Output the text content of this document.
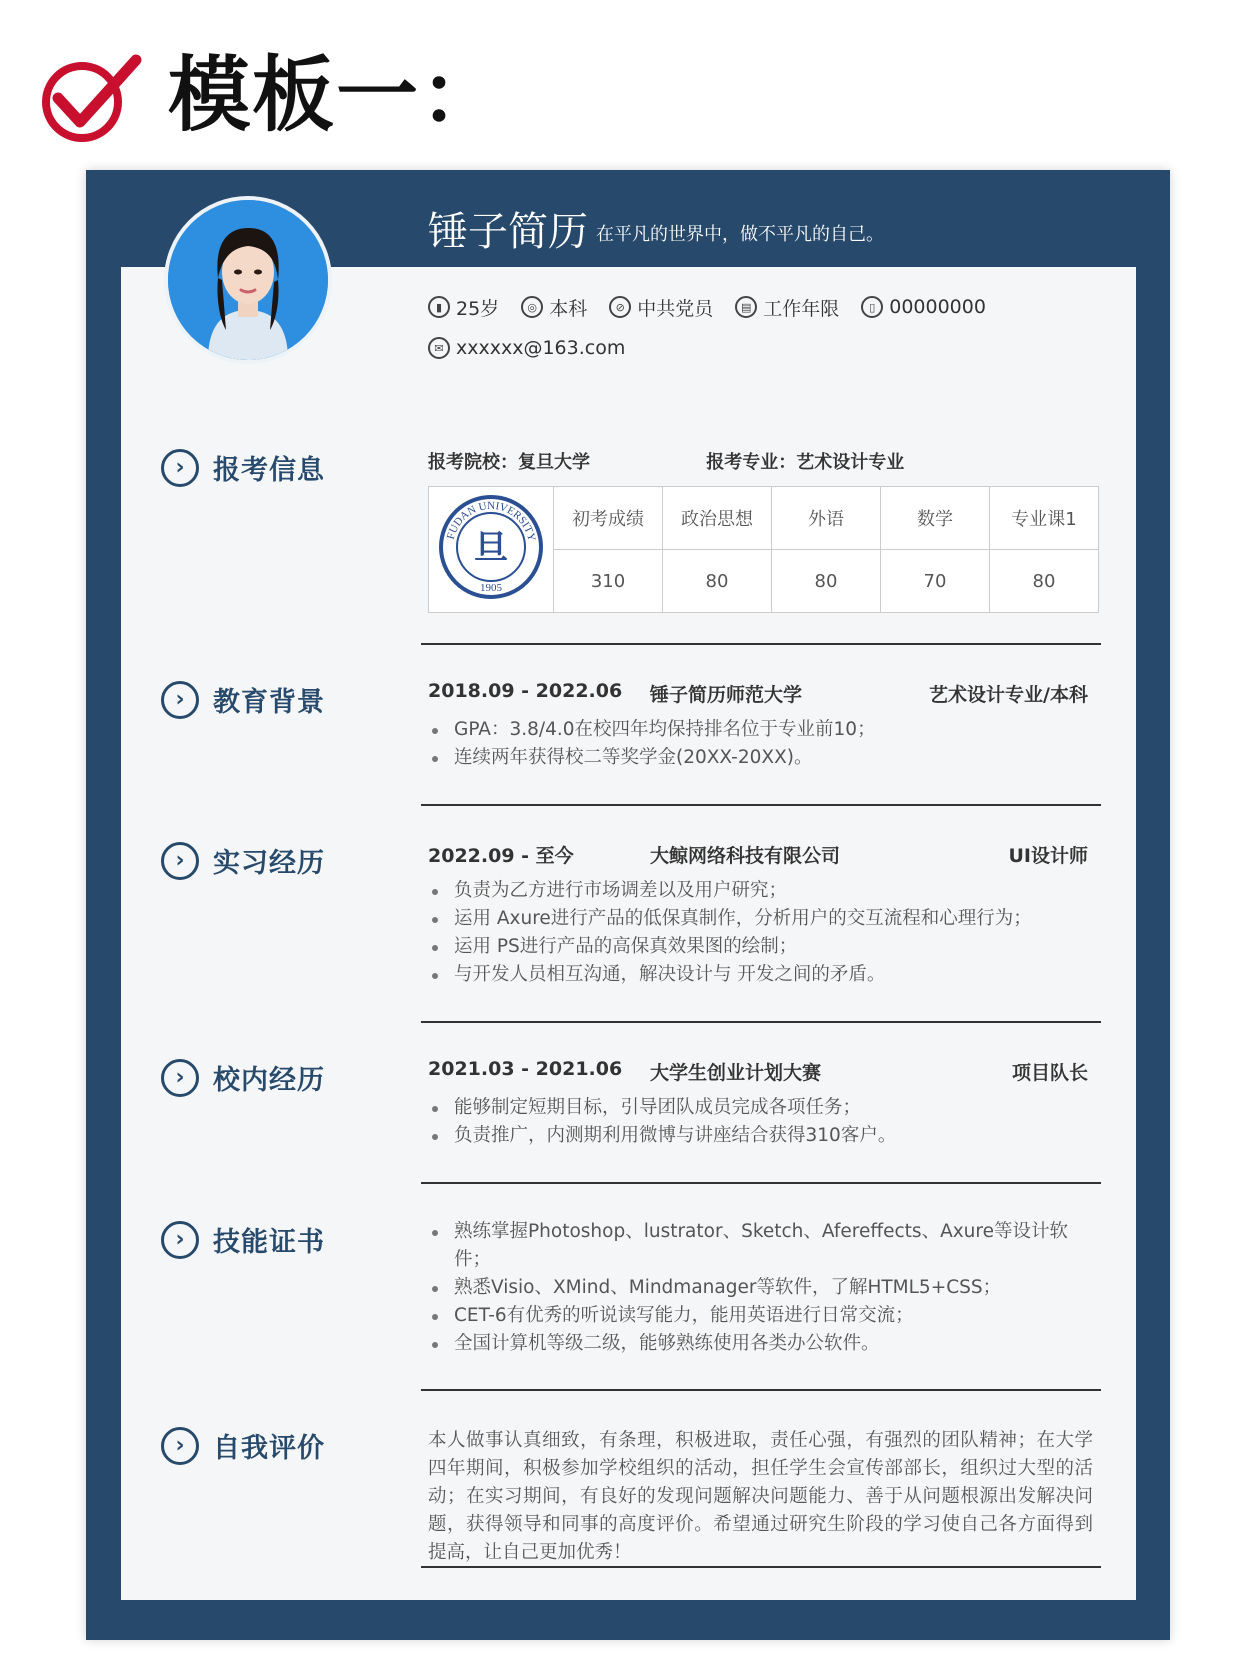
模板一：
锤子简历 在平凡的世界中，做不平凡的自己。
▮ 25岁	◎ 本科	⊘ 中共党员	▤ 工作年限	▯ 00000000
✉ xxxxxx@163.com
›	报考信息	报考院校：复旦大学	报考专业：艺术设计专业
FUDAN UNIVERSITY
旦
1905	初考成绩	政治思想	外语	数学	专业课1
	310	80	80	70	80
›	教育背景	2018.09 - 2022.06 锤子简历师范大学	艺术设计专业/本科
GPA：3.8/4.0在校四年均保持排名位于专业前10；
连续两年获得校二等奖学金(20XX-20XX)。
›	实习经历	2022.09 - 至今	大鲸网络科技有限公司	UI设计师
负责为乙方进行市场调差以及用户研究；
运用 Axure进行产品的低保真制作，分析用户的交互流程和心理行为；
运用 PS进行产品的高保真效果图的绘制；
与开发人员相互沟通，解决设计与 开发之间的矛盾。
›	校内经历	2021.03 - 2021.06 大学生创业计划大赛	项目队长
能够制定短期目标，引导团队成员完成各项任务；
负责推广，内测期利用微博与讲座结合获得310客户。
›	技能证书	熟练掌握Photoshop、lustrator、Sketch、Afereffects、Axure等设计软件；
熟悉Visio、XMind、Mindmanager等软件，了解HTML5+CSS；
CET-6有优秀的听说读写能力，能用英语进行日常交流；
全国计算机等级二级，能够熟练使用各类办公软件。
›	自我评价	本人做事认真细致，有条理，积极进取，责任心强，有强烈的团队精神；在大学四年期间，积极参加学校组织的活动，担任学生会宣传部部长，组织过大型的活动；在实习期间，有良好的发现问题解决问题能力、善于从问题根源出发解决问题，获得领导和同事的高度评价。希望通过研究生阶段的学习使自己各方面得到提高，让自己更加优秀！
